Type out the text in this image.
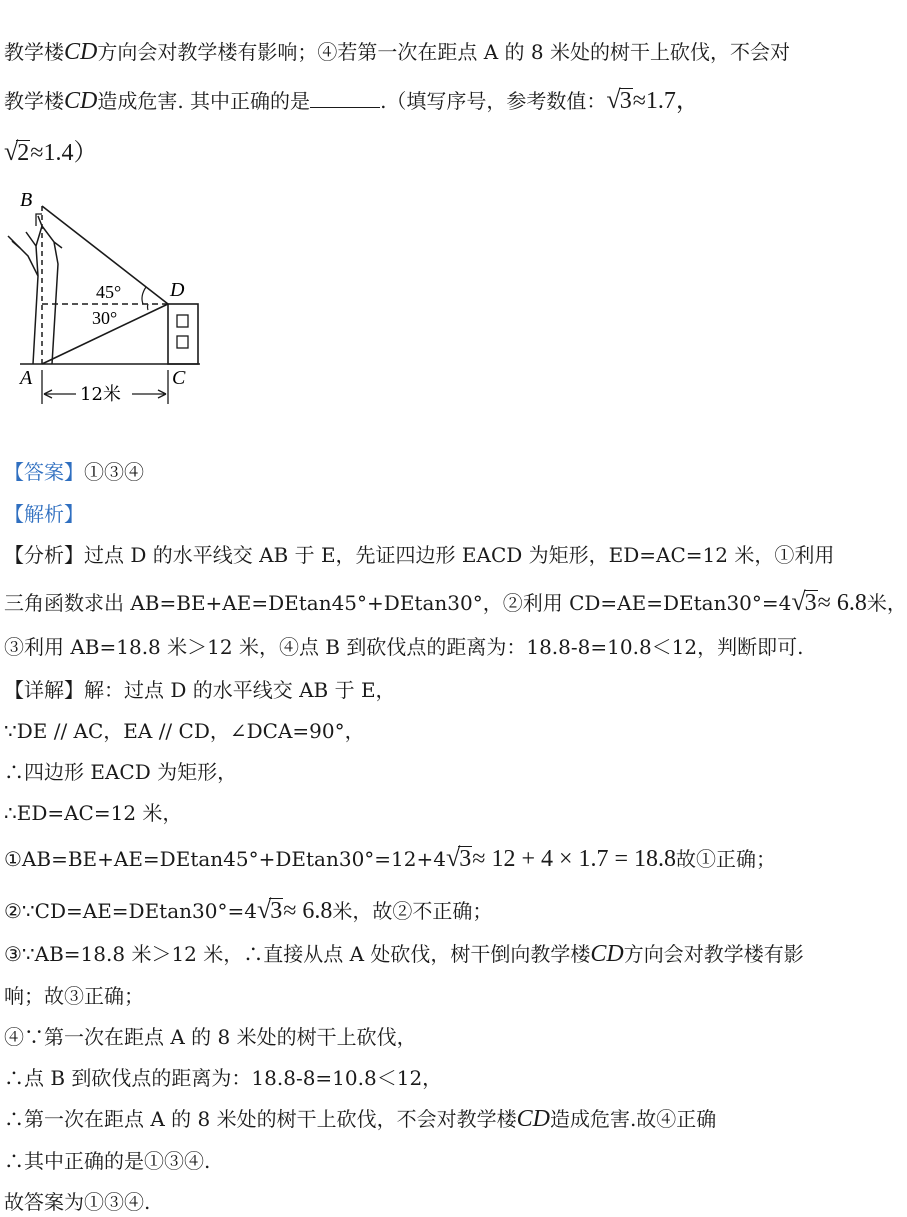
教学楼CD方向会对教学楼有影响；④若第一次在距点 A 的 8 米处的树干上砍伐，不会对
教学楼CD造成危害. 其中正确的是	.（填写序号，参考数值：√3≈1.7，
√2≈1.4）
B
A	C
D
45°
30°
12米
【答案】①③④
【解析】
【分析】过点 D 的水平线交 AB 于 E，先证四边形 EACD 为矩形，ED=AC=12 米，①利用
三角函数求出 AB=BE+AE=DEtan45°+DEtan30°，②利用 CD=AE=DEtan30°=4√3≈ 6.8米，
③利用 AB=18.8 米＞12 米，④点 B 到砍伐点的距离为：18.8-8=10.8＜12，判断即可.
【详解】解：过点 D 的水平线交 AB 于 E，
∵DE // AC，EA // CD，∠DCA=90°，
∴四边形 EACD 为矩形，
∴ED=AC=12 米，
①AB=BE+AE=DEtan45°+DEtan30°=12+4√3≈ 12 + 4 × 1.7 = 18.8故①正确；
②∵CD=AE=DEtan30°=4√3≈ 6.8米，故②不正确；
③∵AB=18.8 米＞12 米，∴直接从点 A 处砍伐，树干倒向教学楼CD方向会对教学楼有影
响；故③正确；
④∵第一次在距点 A 的 8 米处的树干上砍伐，
∴点 B 到砍伐点的距离为：18.8-8=10.8＜12，
∴第一次在距点 A 的 8 米处的树干上砍伐，不会对教学楼CD造成危害.故④正确
∴其中正确的是①③④.
故答案为①③④.
